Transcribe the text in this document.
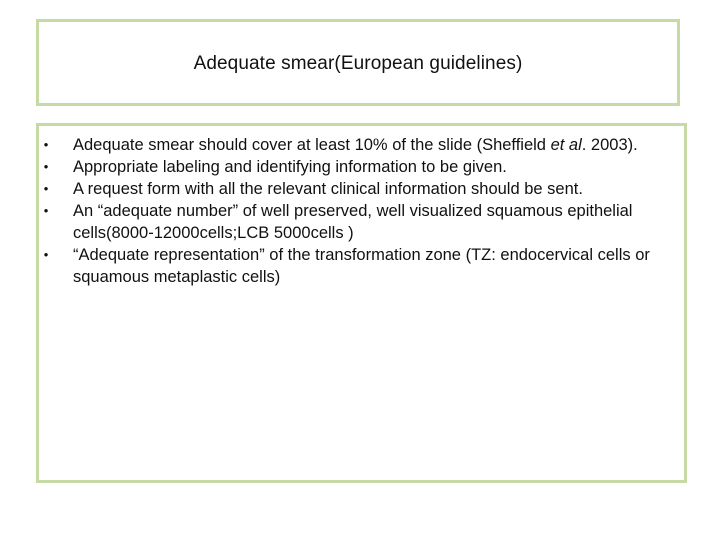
Adequate smear(European guidelines)
• Adequate smear should cover at least 10% of the slide (Sheffield et al. 2003).
• Appropriate labeling and identifying information to be given.
• A request form with all the relevant clinical information should be sent.
• An “adequate number” of well preserved, well visualized squamous epithelial cells(8000-12000cells;LCB 5000cells )
• “Adequate representation” of the transformation zone (TZ: endocervical cells or squamous metaplastic cells)
